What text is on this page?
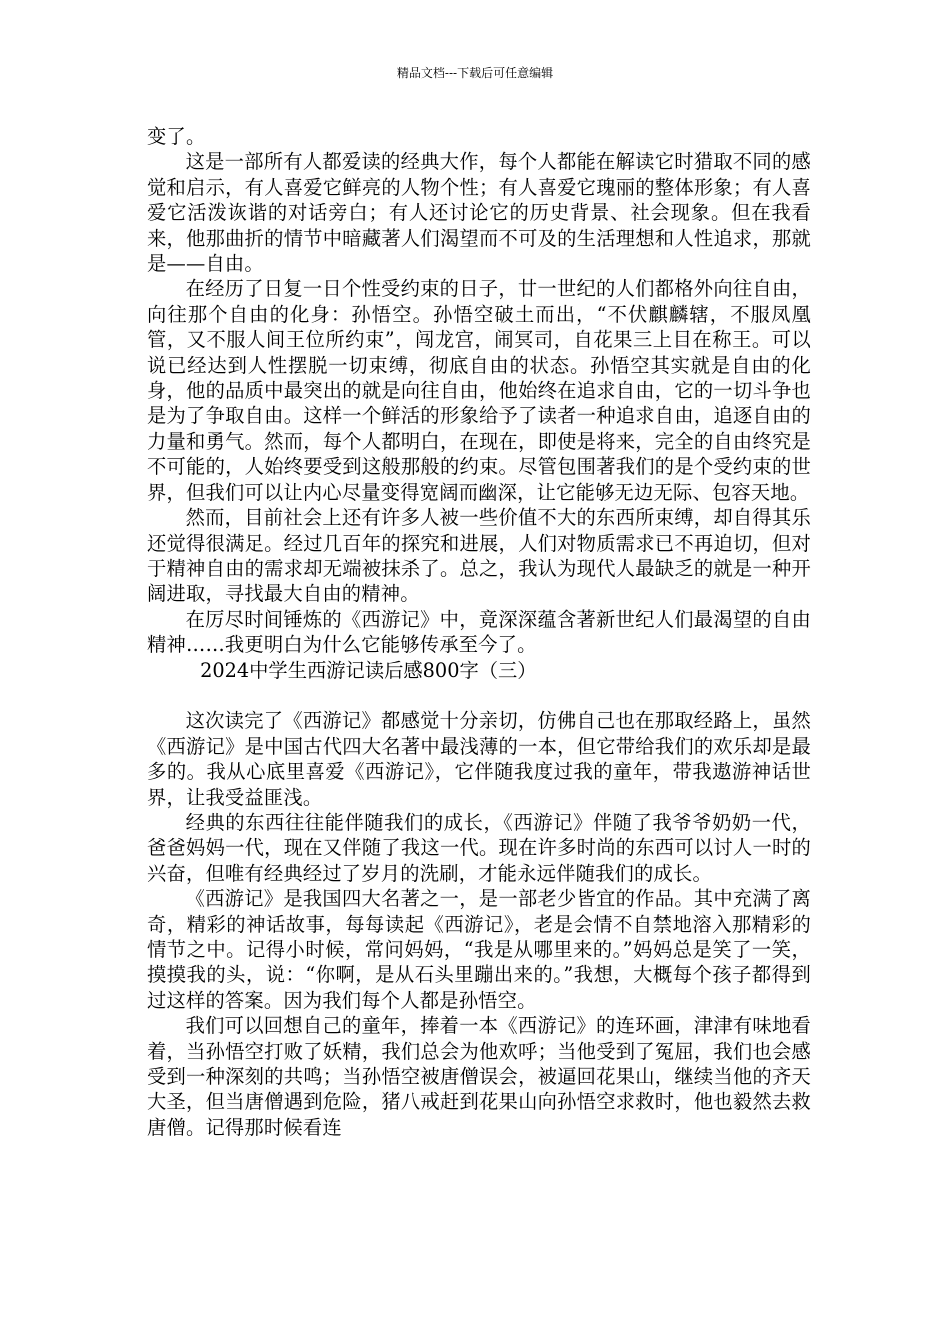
精品文档---下载后可任意编辑

变了。

这是一部所有人都爱读的经典大作，每个人都能在解读它时猎取不同的感觉和启示，有人喜爱它鲜亮的人物个性；有人喜爱它瑰丽的整体形象；有人喜爱它活泼诙谐的对话旁白；有人还讨论它的历史背景、社会现象。但在我看来，他那曲折的情节中暗藏著人们渴望而不可及的生活理想和人性追求，那就是——自由。

在经历了日复一日个性受约束的日子，廿一世纪的人们都格外向往自由，向往那个自由的化身：孙悟空。孙悟空破土而出，“不伏麒麟辖，不服凤凰管，又不服人间王位所约束”，闯龙宫，闹冥司，自花果三上目在称王。可以说已经达到人性摆脱一切束缚，彻底自由的状态。孙悟空其实就是自由的化身，他的品质中最突出的就是向往自由，他始终在追求自由，它的一切斗争也是为了争取自由。这样一个鲜活的形象给予了读者一种追求自由，追逐自由的力量和勇气。然而，每个人都明白，在现在，即使是将来，完全的自由终究是不可能的，人始终要受到这般那般的约束。尽管包围著我们的是个受约束的世界，但我们可以让内心尽量变得宽阔而幽深，让它能够无边无际、包容天地。

然而，目前社会上还有许多人被一些价值不大的东西所束缚，却自得其乐还觉得很满足。经过几百年的探究和进展，人们对物质需求已不再迫切，但对于精神自由的需求却无端被抹杀了。总之，我认为现代人最缺乏的就是一种开阔进取，寻找最大自由的精神。

在厉尽时间锤炼的《西游记》中，竟深深蕴含著新世纪人们最渴望的自由精神……我更明白为什么它能够传承至今了。

2024中学生西游记读后感800字（三）

这次读完了《西游记》都感觉十分亲切，仿佛自己也在那取经路上，虽然《西游记》是中国古代四大名著中最浅薄的一本，但它带给我们的欢乐却是最多的。我从心底里喜爱《西游记》，它伴随我度过我的童年，带我遨游神话世界，让我受益匪浅。

经典的东西往往能伴随我们的成长，《西游记》伴随了我爷爷奶奶一代，爸爸妈妈一代，现在又伴随了我这一代。现在许多时尚的东西可以讨人一时的兴奋，但唯有经典经过了岁月的洗刷，才能永远伴随我们的成长。

《西游记》是我国四大名著之一，是一部老少皆宜的作品。其中充满了离奇，精彩的神话故事，每每读起《西游记》，老是会情不自禁地溶入那精彩的情节之中。记得小时候，常问妈妈，“我是从哪里来的。”妈妈总是笑了一笑，摸摸我的头，说：“你啊，是从石头里蹦出来的。”我想，大概每个孩子都得到过这样的答案。因为我们每个人都是孙悟空。

我们可以回想自己的童年，捧着一本《西游记》的连环画，津津有味地看着，当孙悟空打败了妖精，我们总会为他欢呼；当他受到了冤屈，我们也会感受到一种深刻的共鸣；当孙悟空被唐僧误会，被逼回花果山，继续当他的齐天大圣，但当唐僧遇到危险，猪八戒赶到花果山向孙悟空求救时，他也毅然去救唐僧。记得那时候看连
